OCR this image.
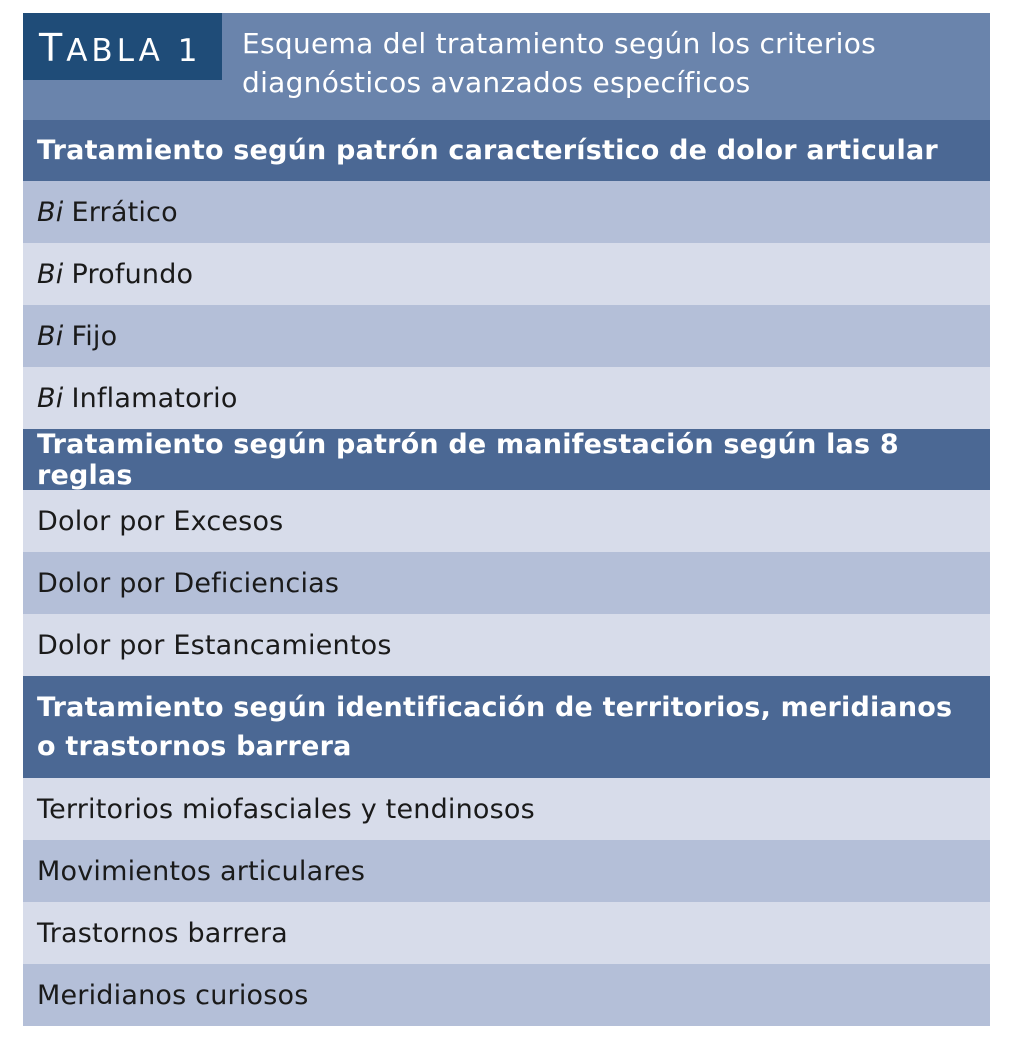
TABLA 1	Esquema del tratamiento según los criterios
diagnósticos avanzados específicos
Tratamiento según patrón característico de dolor articular
Bi Errático
Bi Profundo
Bi Fijo
Bi Inflamatorio
Tratamiento según patrón de manifestación según las 8 reglas
Dolor por Excesos
Dolor por Deficiencias
Dolor por Estancamientos
Tratamiento según identificación de territorios, meridianos
o trastornos barrera
Territorios miofasciales y tendinosos
Movimientos articulares
Trastornos barrera
Meridianos curiosos
